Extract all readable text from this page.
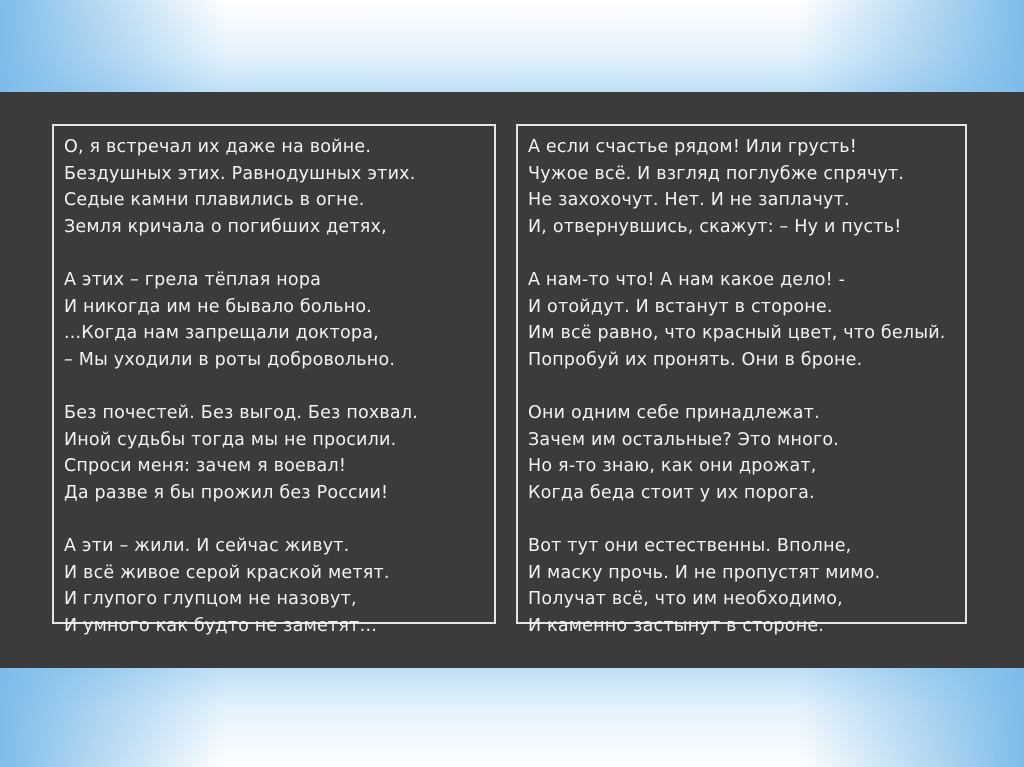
О, я встречал их даже на войне.
Бездушных этих. Равнодушных этих.
Седые камни плавились в огне.
Земля кричала о погибших детях,
А этих – грела тёплая нора
И никогда им не бывало больно.
...Когда нам запрещали доктора,
– Мы уходили в роты добровольно.
Без почестей. Без выгод. Без похвал.
Иной судьбы тогда мы не просили.
Спроси меня: зачем я воевал!
Да разве я бы прожил без России!
А эти – жили. И сейчас живут.
И всё живое серой краской метят.
И глупого глупцом не назовут,
И умного как будто не заметят…
А если счастье рядом! Или грусть!
Чужое всё. И взгляд поглубже спрячут.
Не захохочут. Нет. И не заплачут.
И, отвернувшись, скажут: – Ну и пусть!
А нам-то что! А нам какое дело! -
И отойдут. И встанут в стороне.
Им всё равно, что красный цвет, что белый.
Попробуй их пронять. Они в броне.
Они одним себе принадлежат.
Зачем им остальные? Это много.
Но я-то знаю, как они дрожат,
Когда беда стоит у их порога.
Вот тут они естественны. Вполне,
И маску прочь. И не пропустят мимо.
Получат всё, что им необходимо,
И каменно застынут в стороне.
